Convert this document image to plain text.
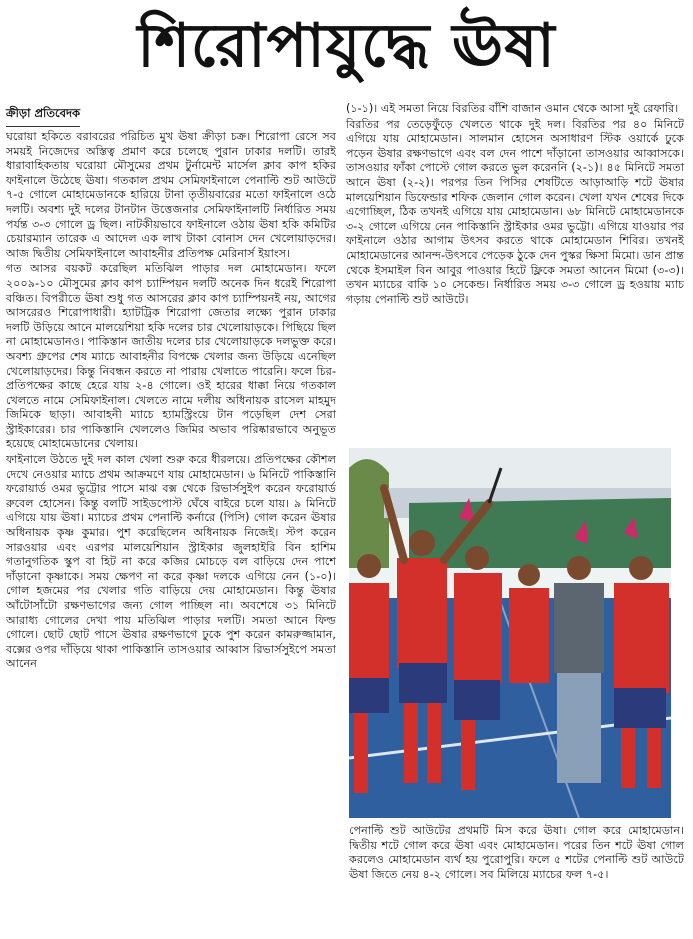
শিরোপাযুদ্ধে ঊষা
ক্রীড়া প্রতিবেদক

ঘরোয়া হকিতে বরাবরের পরিচিত মুখ ঊষা ক্রীড়া চক্র। শিরোপা রেসে সব সময়ই নিজেদের অস্তিত্ব প্রমাণ করে চলেছে পুরান ঢাকার দলটি। তারই ধারাবাহিকতায় ঘরোয়া মৌসুমের প্রথম টুর্নামেন্ট মার্সেল ক্লাব কাপ হকির ফাইনালে উঠেছে ঊষা। গতকাল প্রথম সেমিফাইনালে পেনাল্টি শুট আউটে ৭-৫ গোলে মোহামেডানকে হারিয়ে টানা তৃতীয়বারের মতো ফাইনালে ওঠে দলটি। অবশ্য দুই দলের টানটান উত্তেজনার সেমিফাইনালটি নির্ধারিত সময় পর্যন্ত ৩-৩ গোলে ড্র ছিল। নাটকীয়ভাবে ফাইনালে ওঠায় ঊষা হকি কমিটির চেয়ারম্যান তারেক এ আদেল এক লাখ টাকা বোনাস দেন খেলোয়াড়দের। আজ দ্বিতীয় সেমিফাইনালে আবাহনীর প্রতিপক্ষ মেরিনার্স ইয়াংস।

গত আসর বয়কট করেছিল মতিঝিল পাড়ার দল মোহামেডান। ফলে ২০০৯-১০ মৌসুমের ক্লাব কাপ চ্যাম্পিয়ন দলটি অনেক দিন ধরেই শিরোপা বঞ্চিত। বিপরীতে ঊষা শুধু গত আসরের ক্লাব কাপ চ্যাম্পিয়নই নয়, আগের আসরেরও শিরোপাধারী। হ্যাটট্রিক শিরোপা জেতার লক্ষ্যে পুরান ঢাকার দলটি উড়িয়ে আনে মালয়েশিয়া হকি দলের চার খেলোয়াড়কে। পিছিয়ে ছিল না মোহামেডানও। পাকিস্তান জাতীয় দলের চার খেলোয়াড়কে দলভুক্ত করে। অবশ্য গ্রুপের শেষ ম্যাচে আবাহনীর বিপক্ষে খেলার জন্য উড়িয়ে এনেছিল খেলোয়াড়দের। কিন্তু নিবন্ধন করতে না পারায় খেলাতে পারেনি। ফলে চির-প্রতিপক্ষের কাছে হেরে যায় ২-৪ গোলে। ওই হারের ধাক্কা নিয়ে গতকাল খেলতে নামে সেমিফাইনাল। খেলতে নামে দলীয় অধিনায়ক রাসেল মাহমুদ জিমিকে ছাড়া। আবাহনী ম্যাচে হ্যামস্ট্রিংয়ে টান পড়েছিল দেশ সেরা স্ট্রাইকারের। চার পাকিস্তানি খেললেও জিমির অভাব পরিষ্কারভাবে অনুভূত হয়েছে মোহামেডানের খেলায়।

ফাইনালে উঠতে দুই দল কাল খেলা শুরু করে ধীরলয়ে। প্রতিপক্ষের কৌশল দেখে নেওয়ার ম্যাচে প্রথম আক্রমণে যায় মোহামেডান। ৬ মিনিটে পাকিস্তানি ফরোয়ার্ড ওমর ভুট্টোর পাসে মাঝ বক্স থেকে রিভার্সসুইপ করেন ফরোয়ার্ড রুবেল হোসেন। কিন্তু বলটি সাইডপোস্ট ঘেঁষে বাইরে চলে যায়। ৯ মিনিটে এগিয়ে যায় ঊষা। ম্যাচের প্রথম পেনাল্টি কর্নারে (পিসি) গোল করেন ঊষার অধিনায়ক কৃষ্ণ কুমার। পুশ করেছিলেন অধিনায়ক নিজেই। স্টপ করেন সারওয়ার এবং এরপর মালয়েশিয়ান স্ট্রাইকার জুলহাইরি বিন হাশিম গতানুগতিক স্কুপ বা হিট না করে কজির মোচড়ে বল বাড়িয়ে দেন পাশে দাঁড়ানো কৃষ্ণাকে। সময় ক্ষেপণ না করে কৃষ্ণা দলকে এগিয়ে নেন (১-০)। গোল হজমের পর খেলার গতি বাড়িয়ে দেয় মোহামেডান। কিন্তু ঊষার আঁটোসাঁটো রক্ষণভাগের জন্য গোল পাচ্ছিল না। অবশেষে ৩১ মিনিটে আরাধ্য গোলের দেখা পায় মতিঝিল পাড়ার দলটি। সমতা আনে ফিল্ড গোলে। ছোট ছোট পাসে ঊষার রক্ষণভাগে ঢুকে পুশ করেন কামরুজ্জামান, বক্সের ওপর দাঁড়িয়ে থাকা পাকিস্তানি তাসওয়ার আব্বাস রিভার্সসুইপে সমতা আনেন

(১-১)। এই সমতা নিয়ে বিরতির বাঁশি বাজান ওমান থেকে আসা দুই রেফারি।

বিরতির পর তেড়েফুঁড়ে খেলতে থাকে দুই দল। বিরতির পর ৪০ মিনিটে এগিয়ে যায় মোহামেডান। সালমান হোসেন অসাধারণ স্টিক ওয়ার্কে ঢুকে পড়েন ঊষার রক্ষণভাগে এবং বল দেন পাশে দাঁড়ানো তাসওয়ার আব্বাসকে। তাসওয়ার ফাঁকা পোস্টে গোল করতে ভুল করেননি (২-১)। ৪৫ মিনিটে সমতা আনে ঊষা (২-২)। পরপর তিন পিসির শেষটিতে আড়াআড়ি শটে ঊষার মালয়েশিয়ান ডিফেন্ডার শফিক জেলান গোল করেন। খেলা যখন শেষের দিকে এগোচ্ছিল, ঠিক তখনই এগিয়ে যায় মোহামেডান। ৬৮ মিনিটে মোহামেডানকে ৩-২ গোলে এগিয়ে নেন পাকিস্তানি স্ট্রাইকার ওমর ভুট্টো। এগিয়ে যাওয়ার পর ফাইনালে ওঠার আগাম উৎসব করতে থাকে মোহামেডান শিবির। তখনই মোহামেডানের আনন্দ-উৎসবে পেড়েক ঠুকে দেন পুস্কর ক্ষিসা মিমো। ডান প্রান্ত থেকে ইসমাইল বিন আবুর পাওয়ার হিটে ফ্লিকে সমতা আনেন মিমো (৩-৩)। তখন ম্যাচের বাকি ১০ সেকেন্ড। নির্ধারিত সময় ৩-৩ গোলে ড্র হওয়ায় ম্যাচ গড়ায় পেনাল্টি শুট আউটে।

পেনাল্টি শুট আউটের প্রথমটি মিস করে ঊষা। গোল করে মোহামেডান। দ্বিতীয় শটে গোল করে ঊষা এবং মোহামেডান। পরের তিন শটে ঊষা গোল করলেও মোহামেডান ব্যর্থ হয় পুরোপুরি। ফলে ৫ শটের পেনাল্টি শুট আউটে ঊষা জিতে নেয় ৪-২ গোলে। সব মিলিয়ে ম্যাচের ফল ৭-৫।
